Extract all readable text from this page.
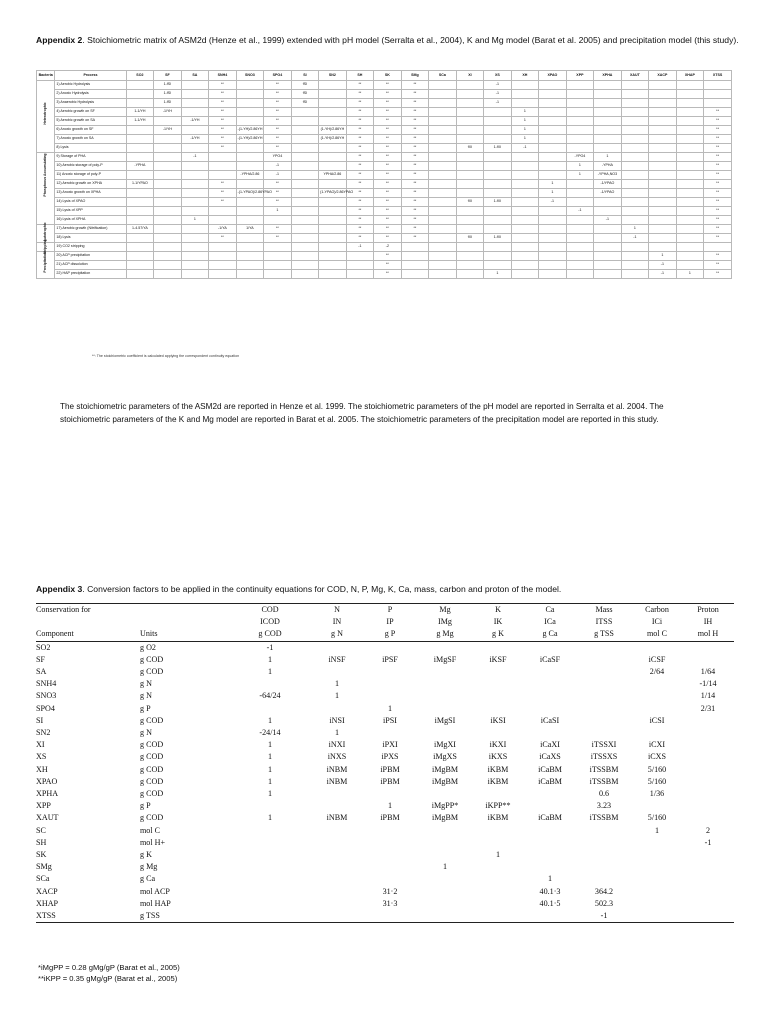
Appendix 2. Stoichiometric matrix of ASM2d (Henze et al., 1999) extended with pH model (Serralta et al., 2004), K and Mg model (Barat et al. 2005) and precipitation model (this study).
Bacteria	Process	SO2	SF	SA	SNH4	SNO3	SPO4	SI	SN2	SH	SK	SMg	SCa	XI	XS	XH	XPAO	XPP	XPHA	XAUT	XACP	XHAP	XTSS

Heterotrophic	1) Aerobic Hydrolysis		1-fSI		**		**	fSI		**	**	**			-1								
	2) Anoxic Hydrolysis		1-fSI		**		**	fSI		**	**	**			-1								
	3) Anaerobic Hydrolysis		1-fSI		**		**	fSI		**	**	**			-1								
	4) Aerobic growth on SF	1-1/YH	-1/YH		**		**			**	**	**				1							**
	5) Aerobic growth on SA	1-1/YH		-1/YH	**		**			**	**	**				1							**
	6) Anoxic growth on SF		-1/YH		**	-(1-YH)/2.86YH	**		(1-YH)/2.86YH	**	**	**				1							**
	7) Anoxic growth on SA			-1/YH	**	-(1-YH)/2.86YH	**		(1-YH)/2.86YH	**	**	**				1							**
	8) Lysis				**		**			**	**	**		fXI	1-fXI	-1							**

Phosphorus Accumulating	9) Storage of PHA			-1			YPO4			**	**	**						-YPO4	1				**
	10) Aerobic storage of poly-P	-YPHA					-1			**	**	**						1	-YPHA				**
	11) Anoxic storage of poly-P					-YPHA/2.86	-1		YPHA/2.86	**	**	**						1	-YPHA,NO3				**
	12) Aerobic growth on XPHA	1-1/YPAO			**		**			**	**	**					1		-1/YPAO				**
	13) Anoxic growth on XPHA				**	-(1-YPAO)/2.86YPAO	**		(1-YPAO)/2.86YPAO	**	**	**					1		-1/YPAO				**
	14) Lysis of XPAO				**		**			**	**	**		fXI	1-fXI		-1						**
	15) Lysis of XPP						1			**	**	**						-1					**
	16) Lysis of XPHA			1						**	**	**							-1				**

Autotrophic	17) Aerobic growth (Nitrification)	1-4.57/YA			-1/YA	1/YA	**			**	**	**								1			**
	18) Lysis				**		**			**	**	**		fXI	1-fXI					-1			**

Stripping	19) CO2 stripping									-1	-2												

Precipitation	20) ACP precipitation										**										1		**
	21) ACP dissolution										**										-1		**
	22) HAP precipitation										**				1						-1	1	**
**: The stoichiometric coefficient is calculated applying the correspondent continuity equation
The stoichiometric parameters of the ASM2d are reported in Henze et al. 1999. The stoichiometric parameters of the pH model are reported in Serralta et al. 2004. The stoichiometric parameters of the K and Mg model are reported in Barat et al. 2005. The stoichiometric parameters of the precipitation model are reported in this study.
Appendix 3. Conversion factors to be applied in the continuity equations for COD, N, P, Mg, K, Ca, mass, carbon and proton of the model.
Conservation for		COD	N	P	Mg	K	Ca	Mass	Carbon	Proton
		ICOD	IN	IP	IMg	IK	ICa	ITSS	ICi	IH
Component	Units	g COD	g N	g P	g Mg	g K	g Ca	g TSS	mol C	mol H
SO2	g O2	-1								
SF	g COD	1	iNSF	iPSF	iMgSF	iKSF	iCaSF		iCSF	
SA	g COD	1							2/64	1/64
SNH4	g N		1							-1/14
SNO3	g N	-64/24	1							1/14
SPO4	g P			1						2/31
SI	g COD	1	iNSI	iPSI	iMgSI	iKSI	iCaSI		iCSI	
SN2	g N	-24/14	1							
XI	g COD	1	iNXI	iPXI	iMgXI	iKXI	iCaXI	iTSSXI	iCXI	
XS	g COD	1	iNXS	iPXS	iMgXS	iKXS	iCaXS	iTSSXS	iCXS	
XH	g COD	1	iNBM	iPBM	iMgBM	iKBM	iCaBM	iTSSBM	5/160	
XPAO	g COD	1	iNBM	iPBM	iMgBM	iKBM	iCaBM	iTSSBM	5/160	
XPHA	g COD	1						0.6	1/36	
XPP	g P			1	iMgPP*	iKPP**		3.23		
XAUT	g COD	1	iNBM	iPBM	iMgBM	iKBM	iCaBM	iTSSBM	5/160	
SC	mol C								1	2
SH	mol H+									-1
SK	g K					1				
SMg	g Mg				1					
SCa	g Ca						1			
XACP	mol ACP			31·2			40.1·3	364.2		
XHAP	mol HAP			31·3			40.1·5	502.3		
XTSS	g TSS							-1		
*iMgPP = 0.28 gMg/gP (Barat et al., 2005)
**iKPP = 0.35 gMg/gP (Barat et al., 2005)
